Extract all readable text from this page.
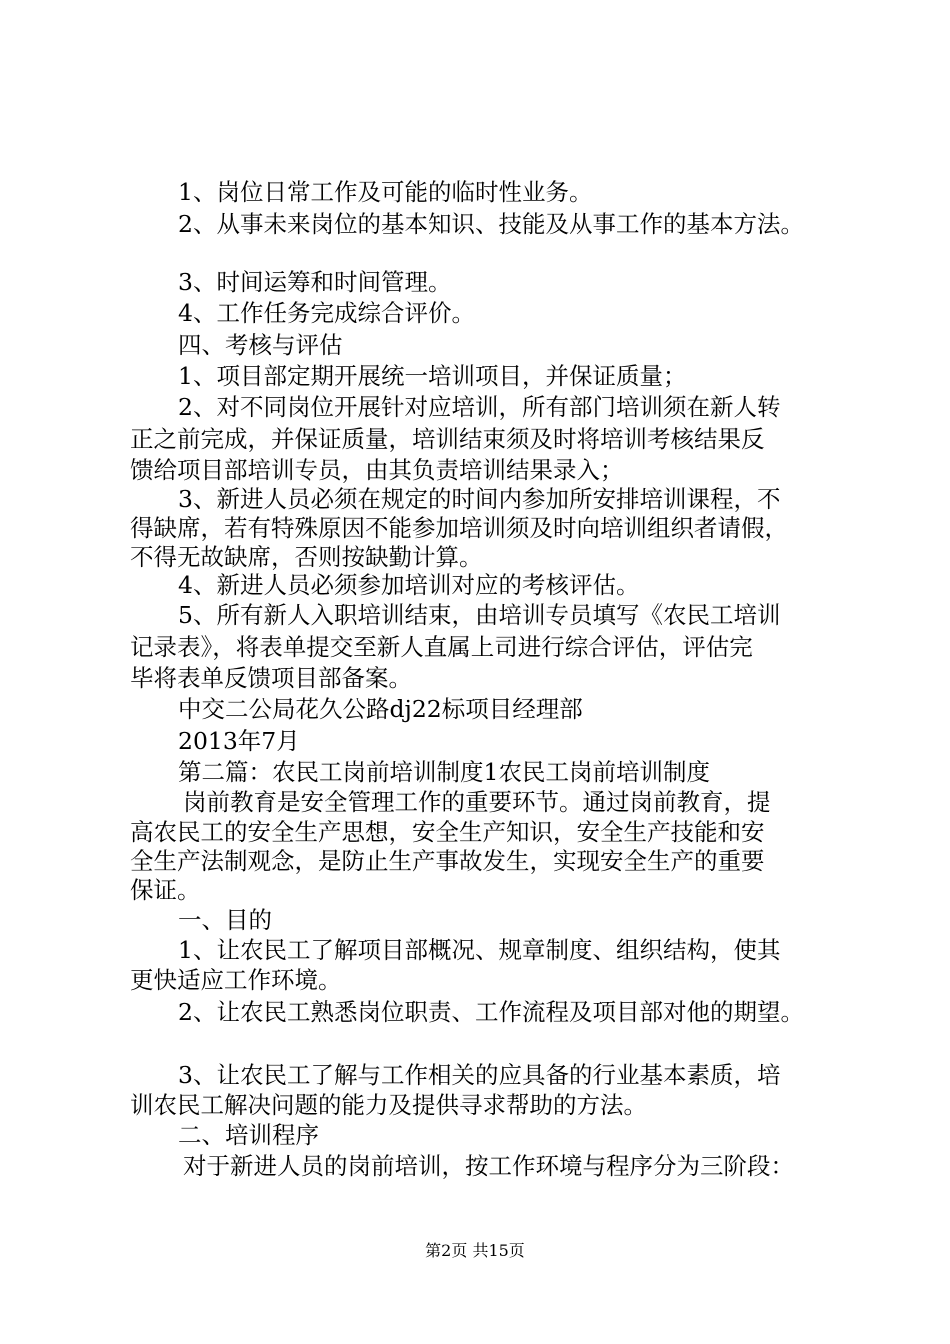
1、岗位日常工作及可能的临时性业务。
2、从事未来岗位的基本知识、技能及从事工作的基本方法。
3、时间运筹和时间管理。
4、工作任务完成综合评价。
四、考核与评估
1、项目部定期开展统一培训项目，并保证质量；
2、对不同岗位开展针对应培训，所有部门培训须在新人转
正之前完成，并保证质量，培训结束须及时将培训考核结果反
馈给项目部培训专员，由其负责培训结果录入；
3、新进人员必须在规定的时间内参加所安排培训课程，不
得缺席，若有特殊原因不能参加培训须及时向培训组织者请假，
不得无故缺席，否则按缺勤计算。
4、新进人员必须参加培训对应的考核评估。
5、所有新人入职培训结束，由培训专员填写《农民工培训
记录表》，将表单提交至新人直属上司进行综合评估，评估完
毕将表单反馈项目部备案。
中交二公局花久公路dj22标项目经理部
2013年7月
第二篇：农民工岗前培训制度1农民工岗前培训制度
岗前教育是安全管理工作的重要环节。通过岗前教育，提
高农民工的安全生产思想，安全生产知识，安全生产技能和安
全生产法制观念，是防止生产事故发生，实现安全生产的重要
保证。
一、目的
1、让农民工了解项目部概况、规章制度、组织结构，使其
更快适应工作环境。
2、让农民工熟悉岗位职责、工作流程及项目部对他的期望。
3、让农民工了解与工作相关的应具备的行业基本素质，培
训农民工解决问题的能力及提供寻求帮助的方法。
二、培训程序
对于新进人员的岗前培训，按工作环境与程序分为三阶段：
第2页 共15页
